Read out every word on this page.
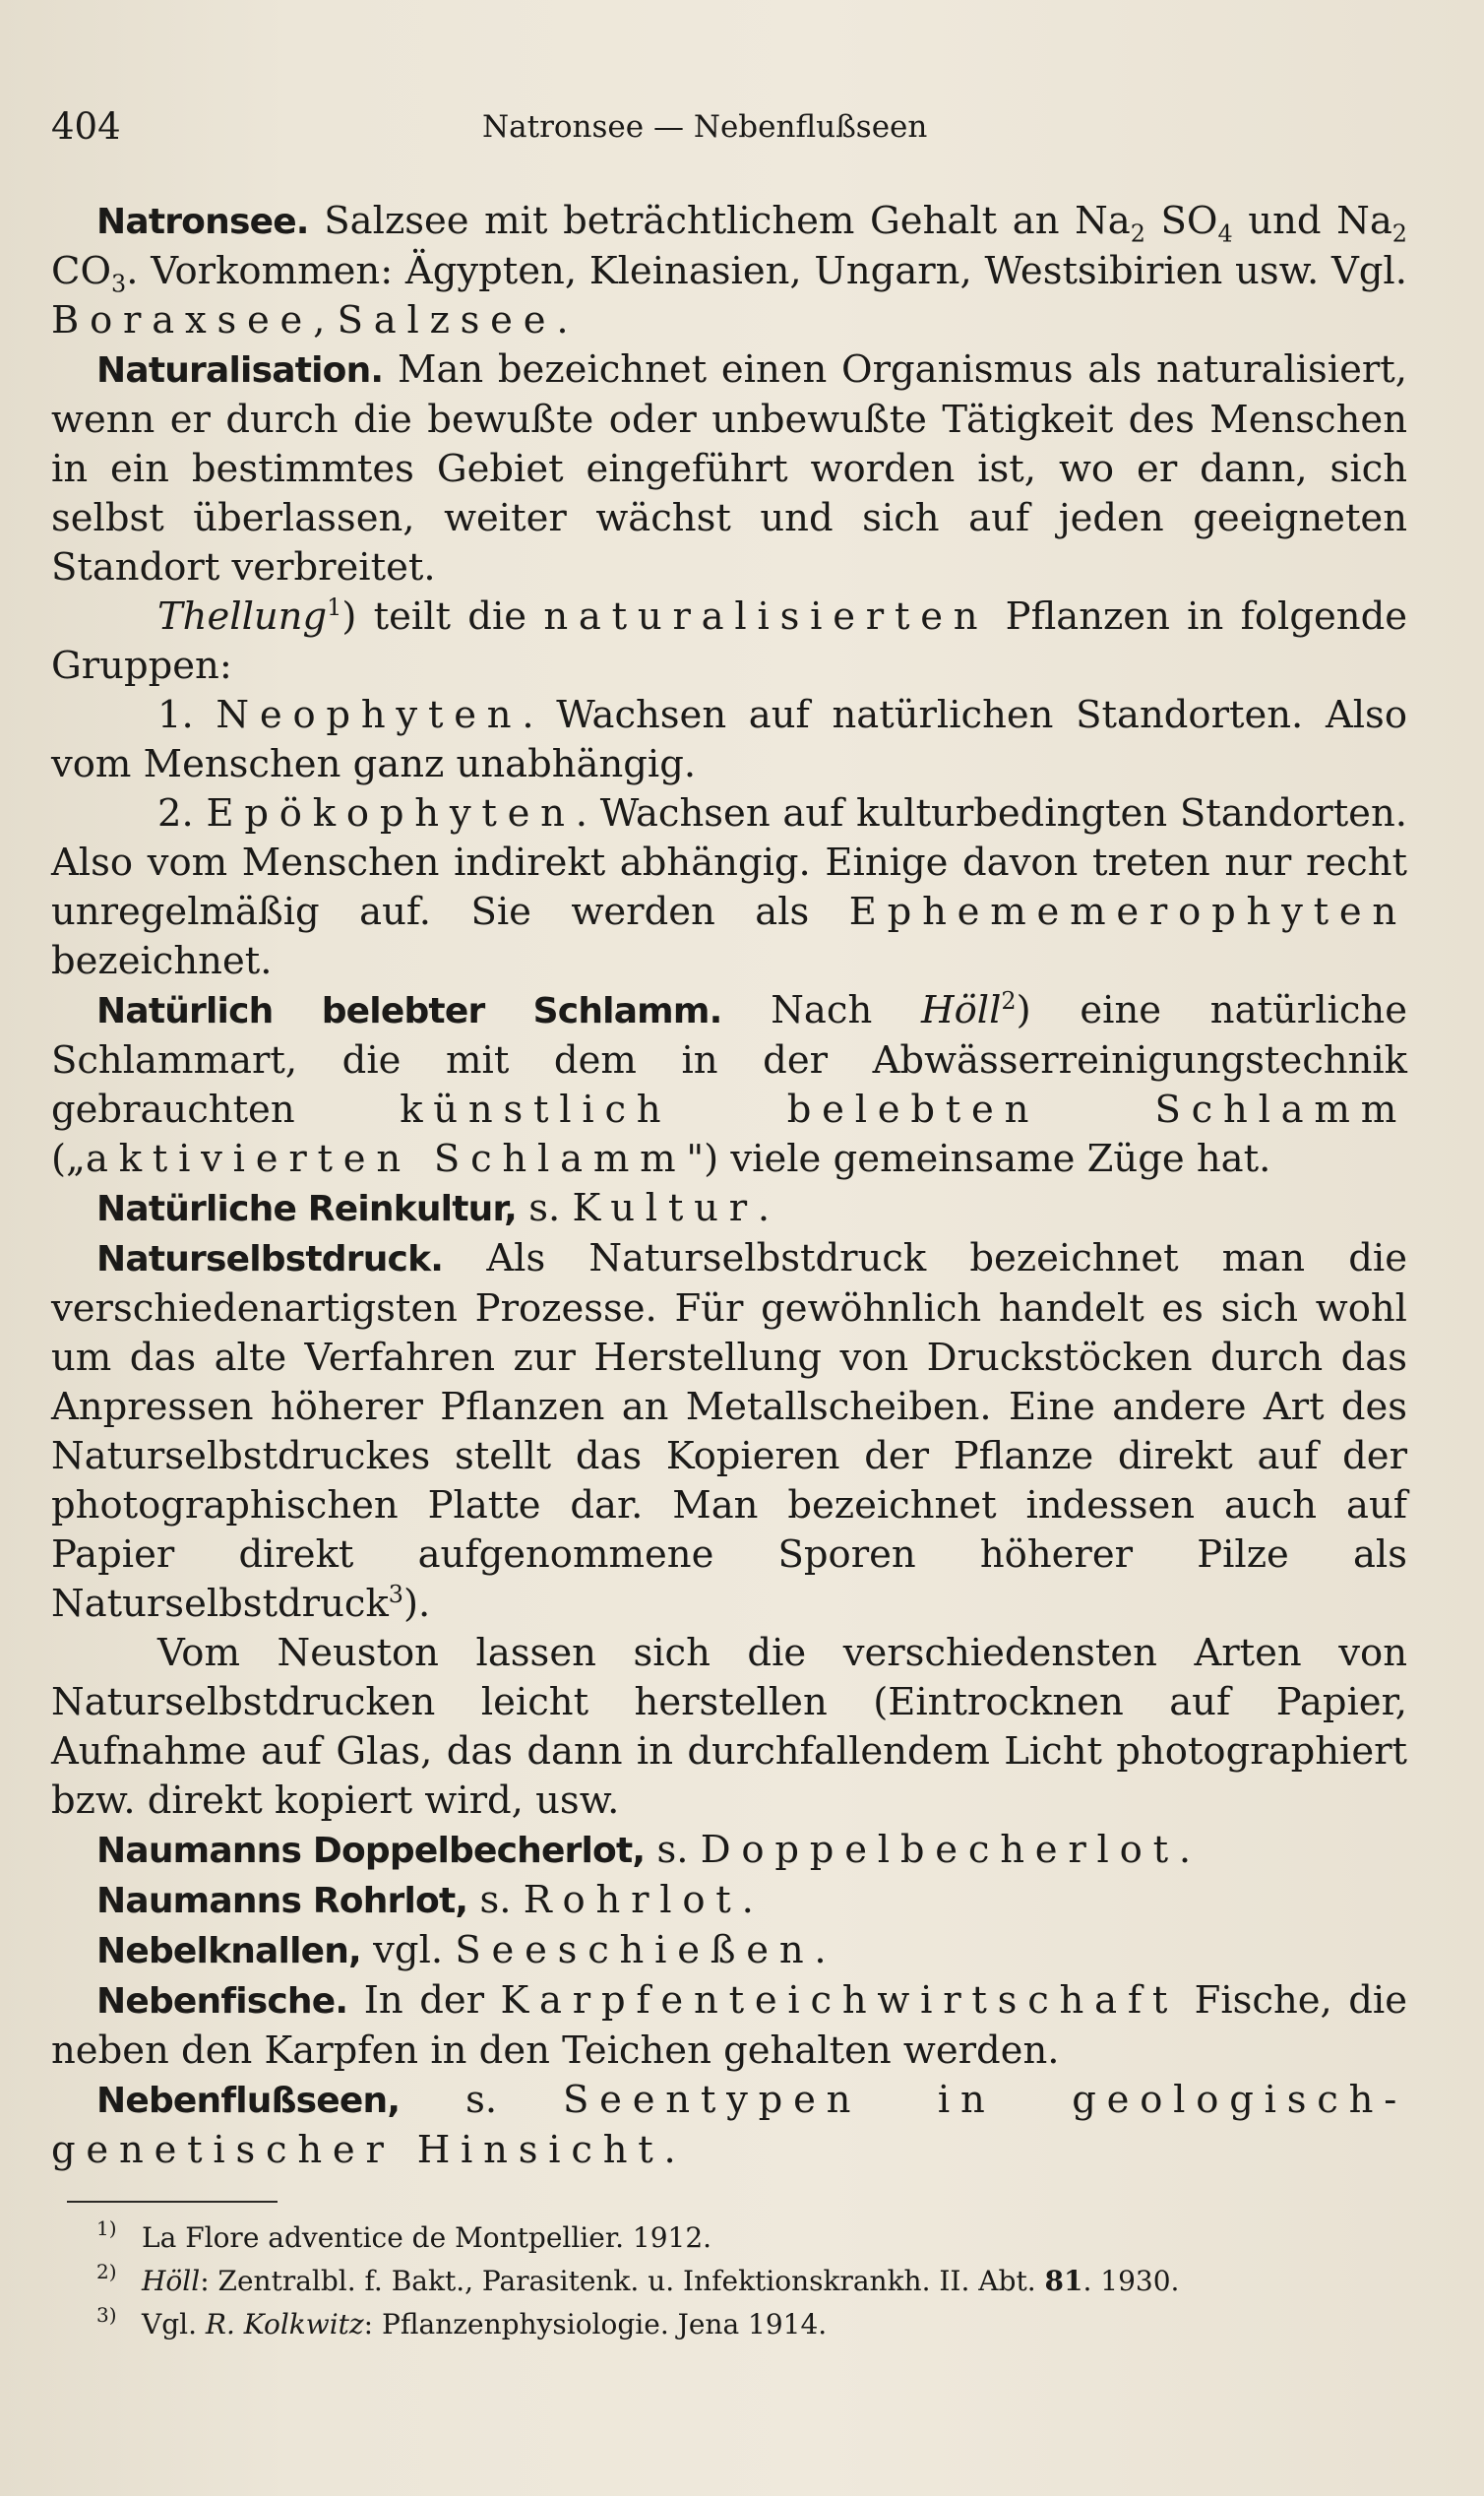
404	Natronsee — Nebenflußseen

Natronsee. Salzsee mit beträchtlichem Gehalt an $Na_2$ $SO_4$ und $Na_2$ $CO_3$. Vorkommen: Ägypten, Kleinasien, Ungarn, Westsibirien usw. Vgl. Boraxsee, Salzsee.

Naturalisation. Man bezeichnet einen Organismus als naturalisiert, wenn er durch die bewußte oder unbewußte Tätigkeit des Menschen in ein bestimmtes Gebiet eingeführt worden ist, wo er dann, sich selbst überlassen, weiter wächst und sich auf jeden geeigneten Standort verbreitet.

Thellung$^1$) teilt die naturalisierten Pflanzen in folgende Gruppen:

1. Neophyten. Wachsen auf natürlichen Standorten. Also vom Menschen ganz unabhängig.

2. Epökophyten. Wachsen auf kulturbedingten Standorten. Also vom Menschen indirekt abhängig. Einige davon treten nur recht unregelmäßig auf. Sie werden als Ephememerophyten bezeichnet.

Natürlich belebter Schlamm. Nach Höll$^2$) eine natürliche Schlammart, die mit dem in der Abwässerreinigungstechnik gebrauchten künstlich belebten Schlamm („aktivierten Schlamm") viele gemeinsame Züge hat.

Natürliche Reinkultur, s. Kultur.

Naturselbstdruck. Als Naturselbstdruck bezeichnet man die verschiedenartigsten Prozesse. Für gewöhnlich handelt es sich wohl um das alte Verfahren zur Herstellung von Druckstöcken durch das Anpressen höherer Pflanzen an Metallscheiben. Eine andere Art des Naturselbstdruckes stellt das Kopieren der Pflanze direkt auf der photographischen Platte dar. Man bezeichnet indessen auch auf Papier direkt aufgenommene Sporen höherer Pilze als Naturselbstdruck$^3$).

Vom Neuston lassen sich die verschiedensten Arten von Naturselbstdrucken leicht herstellen (Eintrocknen auf Papier, Aufnahme auf Glas, das dann in durchfallendem Licht photographiert bzw. direkt kopiert wird, usw.

Naumanns Doppelbecherlot, s. Doppelbecherlot.

Naumanns Rohrlot, s. Rohrlot.

Nebelknallen, vgl. Seeschießen.

Nebenfische. In der Karpfenteichwirtschaft Fische, die neben den Karpfen in den Teichen gehalten werden.

Nebenflußseen, s. Seentypen in geologisch-genetischer Hinsicht.

1) La Flore adventice de Montpellier. 1912.
2) Höll: Zentralbl. f. Bakt., Parasitenk. u. Infektionskrankh. II. Abt. 81. 1930.
3) Vgl. R. Kolkwitz: Pflanzenphysiologie. Jena 1914.
